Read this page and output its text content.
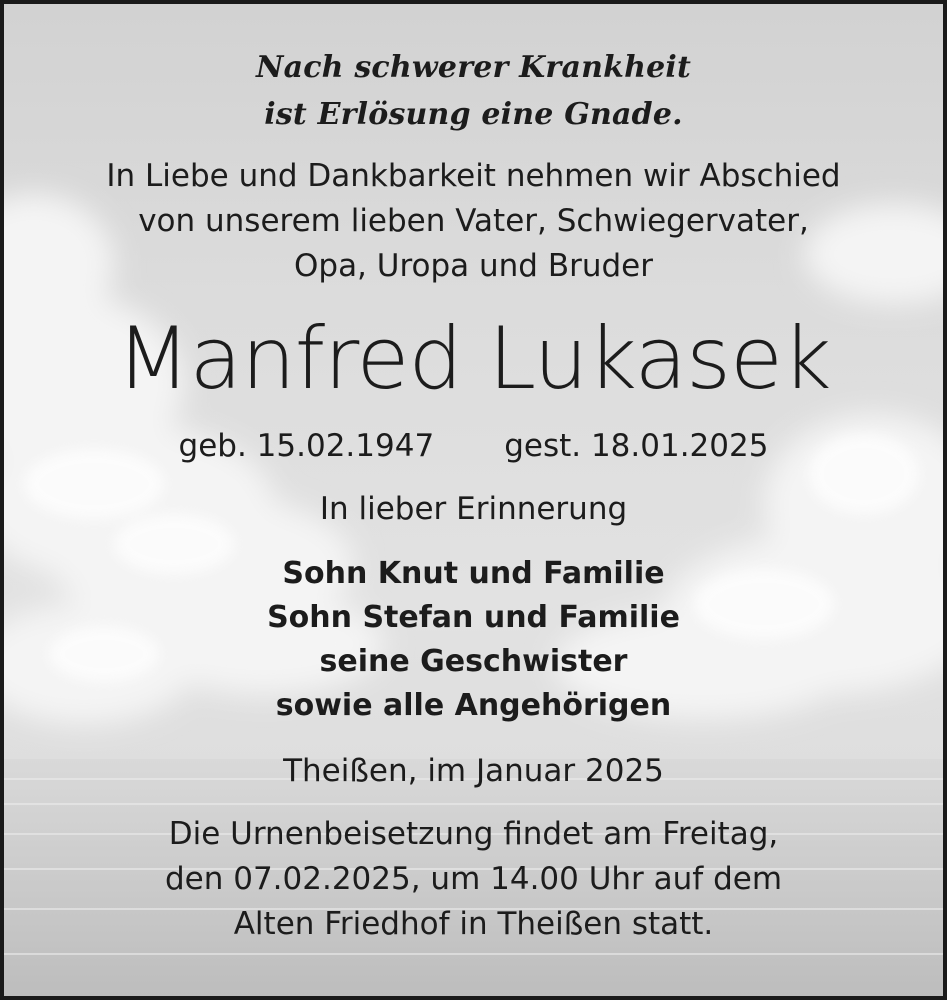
Nach schwerer Krankheit
ist Erlösung eine Gnade.
In Liebe und Dankbarkeit nehmen wir Abschied
von unserem lieben Vater, Schwiegervater,
Opa, Uropa und Bruder
Manfred Lukasek
geb. 15.02.1947 gest. 18.01.2025
In lieber Erinnerung
Sohn Knut und Familie
Sohn Stefan und Familie
seine Geschwister
sowie alle Angehörigen
Theißen, im Januar 2025
Die Urnenbeisetzung findet am Freitag,
den 07.02.2025, um 14.00 Uhr auf dem
Alten Friedhof in Theißen statt.
